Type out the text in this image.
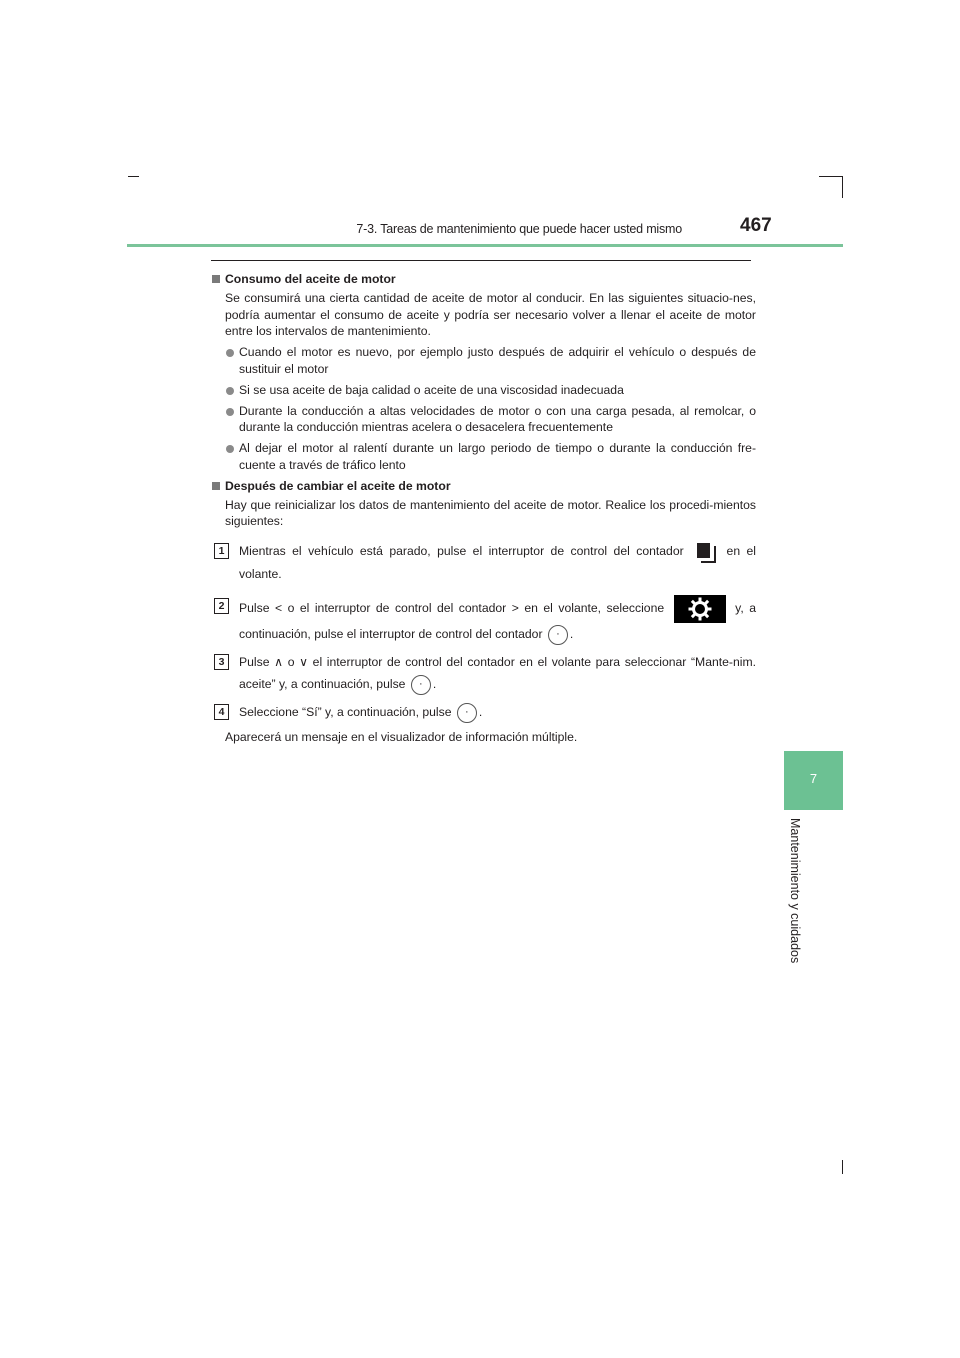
7-3. Tareas de mantenimiento que puede hacer usted mismo	467
7
Mantenimiento y cuidados
Consumo del aceite de motor
Se consumirá una cierta cantidad de aceite de motor al conducir. En las siguientes situacio-nes, podría aumentar el consumo de aceite y podría ser necesario volver a llenar el aceite de motor entre los intervalos de mantenimiento.
Cuando el motor es nuevo, por ejemplo justo después de adquirir el vehículo o después de sustituir el motor
Si se usa aceite de baja calidad o aceite de una viscosidad inadecuada
Durante la conducción a altas velocidades de motor o con una carga pesada, al remolcar, o durante la conducción mientras acelera o desacelera frecuentemente
Al dejar el motor al ralentí durante un largo periodo de tiempo o durante la conducción fre-cuente a través de tráfico lento
Después de cambiar el aceite de motor
Hay que reinicializar los datos de mantenimiento del aceite de motor. Realice los procedi-mientos siguientes:
1	Mientras el vehículo está parado, pulse el interruptor de control del contador	en el volante.
2	Pulse < o el interruptor de control del contador > en el volante, seleccione	y, a continuación, pulse el interruptor de control del contador · .
3	Pulse ∧ o ∨ el interruptor de control del contador en el volante para seleccionar “Mante-nim. aceite” y, a continuación, pulse · .
4	Seleccione “Sí” y, a continuación, pulse · .
Aparecerá un mensaje en el visualizador de información múltiple.
